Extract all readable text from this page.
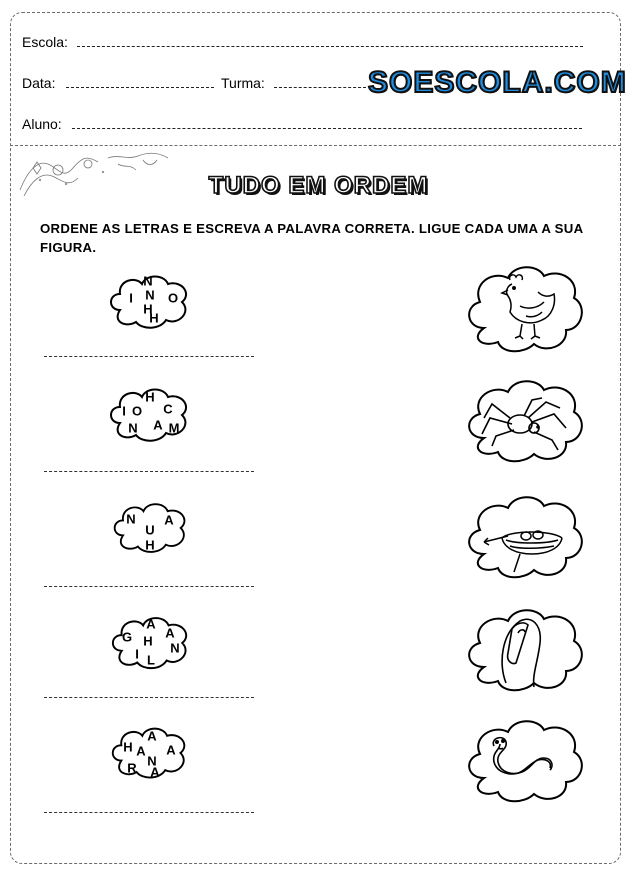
Escola:
Data:	Turma:	SOESCOLA.COM
Aluno:
TUDO EM ORDEM
ORDENE AS LETRAS E ESCREVA A PALAVRA CORRETA. LIGUE CADA UMA A SUA FIGURA.
N
I N O
H
H
H
I O C
A
N M
N A
U
H
A
G H N
I L
A
A
H A A
N
R A
